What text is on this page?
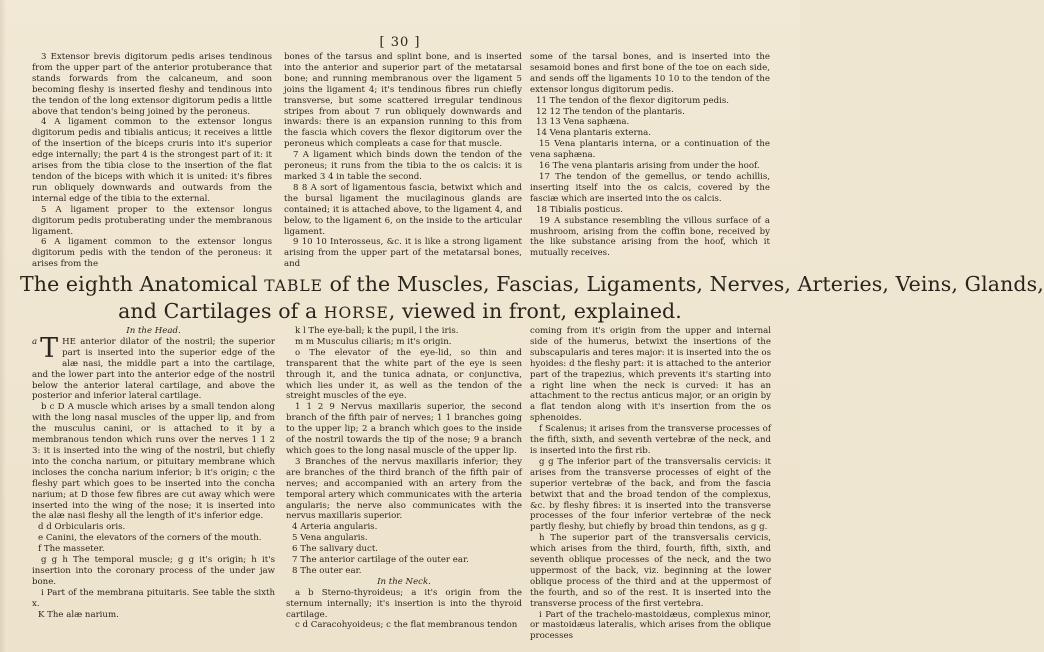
[ 30 ]

3 Extensor brevis digitorum pedis arises tendinous from the upper part of the anterior protuberance that stands forwards from the calcaneum, and soon becoming fleshy is inserted fleshy and tendinous into the tendon of the long extensor digitorum pedis a little above that tendon's being joined by the peroneus.

4 A ligament common to the extensor longus digitorum pedis and tibialis anticus; it receives a little of the insertion of the biceps cruris into it's superior edge internally; the part 4 is the strongest part of it: it arises from the tibia close to the insertion of the flat tendon of the biceps with which it is united: it's fibres run obliquely downwards and outwards from the internal edge of the tibia to the external.

5 A ligament proper to the extensor longus digitorum pedis protuberating under the membranous ligament.

6 A ligament common to the extensor longus digitorum pedis with the tendon of the peroneus: it arises from the

bones of the tarsus and splint bone, and is inserted into the anterior and superior part of the metatarsal bone; and running membranous over the ligament 5 joins the ligament 4; it's tendinous fibres run chiefly transverse, but some scattered irregular tendinous stripes from about 7 run obliquely downwards and inwards: there is an expansion running to this from the fascia which covers the flexor digitorum over the peroneus which compleats a case for that muscle.

7 A ligament which binds down the tendon of the peroneus; it runs from the tibia to the os calcis: it is marked 3 4 in table the second.

8 8 A sort of ligamentous fascia, betwixt which and the bursal ligament the mucilaginous glands are contained; it is attached above, to the ligament 4, and below, to the ligament 6, on the inside to the articular ligament.

9 10 10 Interosseus, &c. it is like a strong ligament arising from the upper part of the metatarsal bones, and

some of the tarsal bones, and is inserted into the sesamoid bones and first bone of the toe on each side, and sends off the ligaments 10 10 to the tendon of the extensor longus digitorum pedis.

11 The tendon of the flexor digitorum pedis.

12 12 The tendon of the plantaris.

13 13 Vena saphæna.

14 Vena plantaris externa.

15 Vena plantaris interna, or a continuation of the vena saphæna.

16 The vena plantaris arising from under the hoof.

17 The tendon of the gemellus, or tendo achillis, inserting itself into the os calcis, covered by the fasciæ which are inserted into the os calcis.

18 Tibialis posticus.

19 A substance resembling the villous surface of a mushroom, arising from the coffin bone, received by the like substance arising from the hoof, which it mutually receives.

The eighth Anatomical TABLE of the Muscles, Fascias, Ligaments, Nerves, Arteries, Veins, Glands,
and Cartilages of a HORSE, viewed in front, explained.

In the Head.

a T HE anterior dilator of the nostril; the superior part is inserted into the superior edge of the alæ nasi, the middle part a into the cartilage, and the lower part into the anterior edge of the nostril below the anterior lateral cartilage, and above the posterior and inferior lateral cartilage.

b c D A muscle which arises by a small tendon along with the long nasal muscles of the upper lip, and from the musculus canini, or is attached to it by a membranous tendon which runs over the nerves 1 1 2 3: it is inserted into the wing of the nostril, but chiefly into the concha narium, or pituitary membrane which incloses the concha narium inferior; b it's origin; c the fleshy part which goes to be inserted into the concha narium; at D those few fibres are cut away which were inserted into the wing of the nose; it is inserted into the alæ nasi fleshy all the length of it's inferior edge.

d d Orbicularis oris.

e Canini, the elevators of the corners of the mouth.

f The masseter.

g g h The temporal muscle; g g it's origin; h it's insertion into the coronary process of the under jaw bone.

i Part of the membrana pituitaris. See table the sixth x.

K The alæ narium.

k l The eye-ball; k the pupil, l the iris.

m m Musculus ciliaris; m it's origin.

o The elevator of the eye-lid, so thin and transparent that the white part of the eye is seen through it, and the tunica adnata, or conjunctiva, which lies under it, as well as the tendon of the streight muscles of the eye.

1 1 2 9 Nervus maxillaris superior, the second branch of the fifth pair of nerves; 1 1 branches going to the upper lip; 2 a branch which goes to the inside of the nostril towards the tip of the nose; 9 a branch which goes to the long nasal muscle of the upper lip.

3 Branches of the nervus maxillaris inferior; they are branches of the third branch of the fifth pair of nerves; and accompanied with an artery from the temporal artery which communicates with the arteria angularis; the nerve also communicates with the nervus maxillaris superior.

4 Arteria angularis.

5 Vena angularis.

6 The salivary duct.

7 The anterior cartilage of the outer ear.

8 The outer ear.

In the Neck.

a b Sterno-thyroideus; a it's origin from the sternum internally; it's insertion is into the thyroid cartilage.

c d Caracohyoideus; c the flat membranous tendon

coming from it's origin from the upper and internal side of the humerus, betwixt the insertions of the subscapularis and teres major: it is inserted into the os hyoides: d the fleshy part: it is attached to the anterior part of the trapezius, which prevents it's starting into a right line when the neck is curved: it has an attachment to the rectus anticus major, or an origin by a flat tendon along with it's insertion from the os sphenoides.

f Scalenus; it arises from the transverse processes of the fifth, sixth, and seventh vertebræ of the neck, and is inserted into the first rib.

g g The inferior part of the transversalis cervicis: it arises from the transverse processes of eight of the superior vertebræ of the back, and from the fascia betwixt that and the broad tendon of the complexus, &c. by fleshy fibres: it is inserted into the transverse processes of the four inferior vertebræ of the neck partly fleshy, but chiefly by broad thin tendons, as g g.

h The superior part of the transversalis cervicis, which arises from the third, fourth, fifth, sixth, and seventh oblique processes of the neck, and the two uppermost of the back, viz. beginning at the lower oblique process of the third and at the uppermost of the fourth, and so of the rest. It is inserted into the transverse process of the first vertebra.

i Part of the trachelo-mastoidæus, complexus minor, or mastoidæus lateralis, which arises from the oblique processes
